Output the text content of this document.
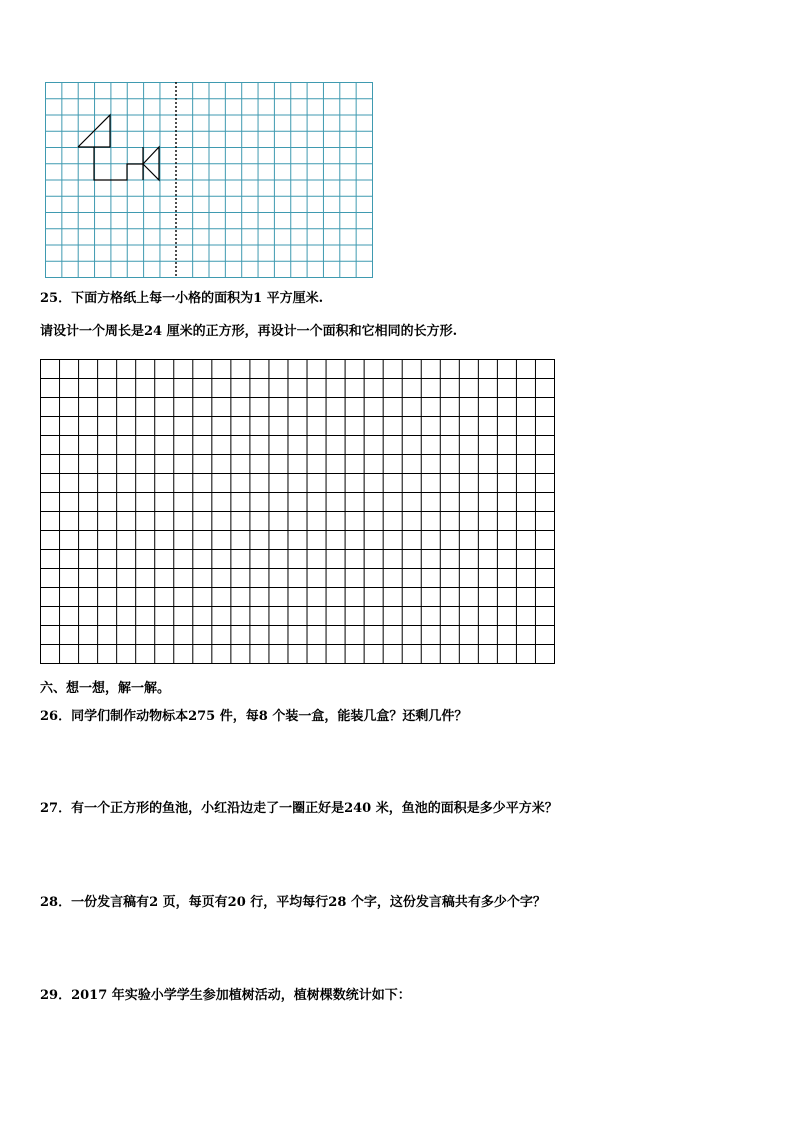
25．下面方格纸上每一小格的面积为1 平方厘米.
请设计一个周长是24 厘米的正方形，再设计一个面积和它相同的长方形.
六、想一想，解一解。
26．同学们制作动物标本275 件，每8 个装一盒，能装几盒？还剩几件？
27．有一个正方形的鱼池，小红沿边走了一圈正好是240 米，鱼池的面积是多少平方米？
28．一份发言稿有2 页，每页有20 行，平均每行28 个字，这份发言稿共有多少个字？
29．2017 年实验小学学生参加植树活动，植树棵数统计如下：
